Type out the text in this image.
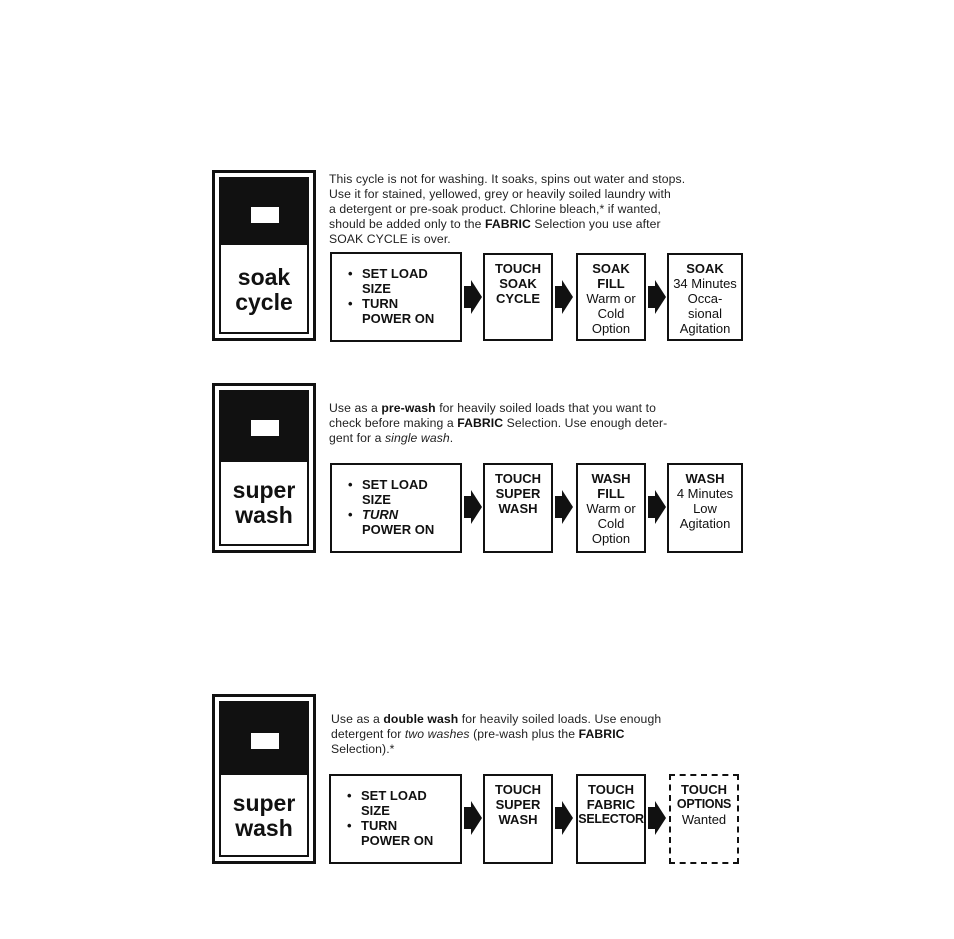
soak
cycle

This cycle is not for washing. It soaks, spins out water and stops.

Use it for stained, yellowed, grey or heavily soiled laundry with

a detergent or pre-soak product. Chlorine bleach,* if wanted,

should be added only to the FABRIC Selection you use after

SOAK CYCLE is over.

• SET LOAD
SIZE
• TURN
POWER ON
TOUCH
SOAK
CYCLE
SOAK
FILL
Warm or
Cold
Option
SOAK
34 Minutes
Occa-
sional
Agitation
super
wash

Use as a pre-wash for heavily soiled loads that you want to

check before making a FABRIC Selection. Use enough deter-

gent for a single wash.

• SET LOAD
SIZE
• TURN
POWER ON
TOUCH
SUPER
WASH
WASH
FILL
Warm or
Cold
Option
WASH
4 Minutes
Low
Agitation
super
wash

Use as a double wash for heavily soiled loads. Use enough

detergent for two washes (pre-wash plus the FABRIC

Selection).*

• SET LOAD
SIZE
• TURN
POWER ON
TOUCH
SUPER
WASH
TOUCH
FABRIC
SELECTOR
TOUCH
OPTIONS
Wanted
